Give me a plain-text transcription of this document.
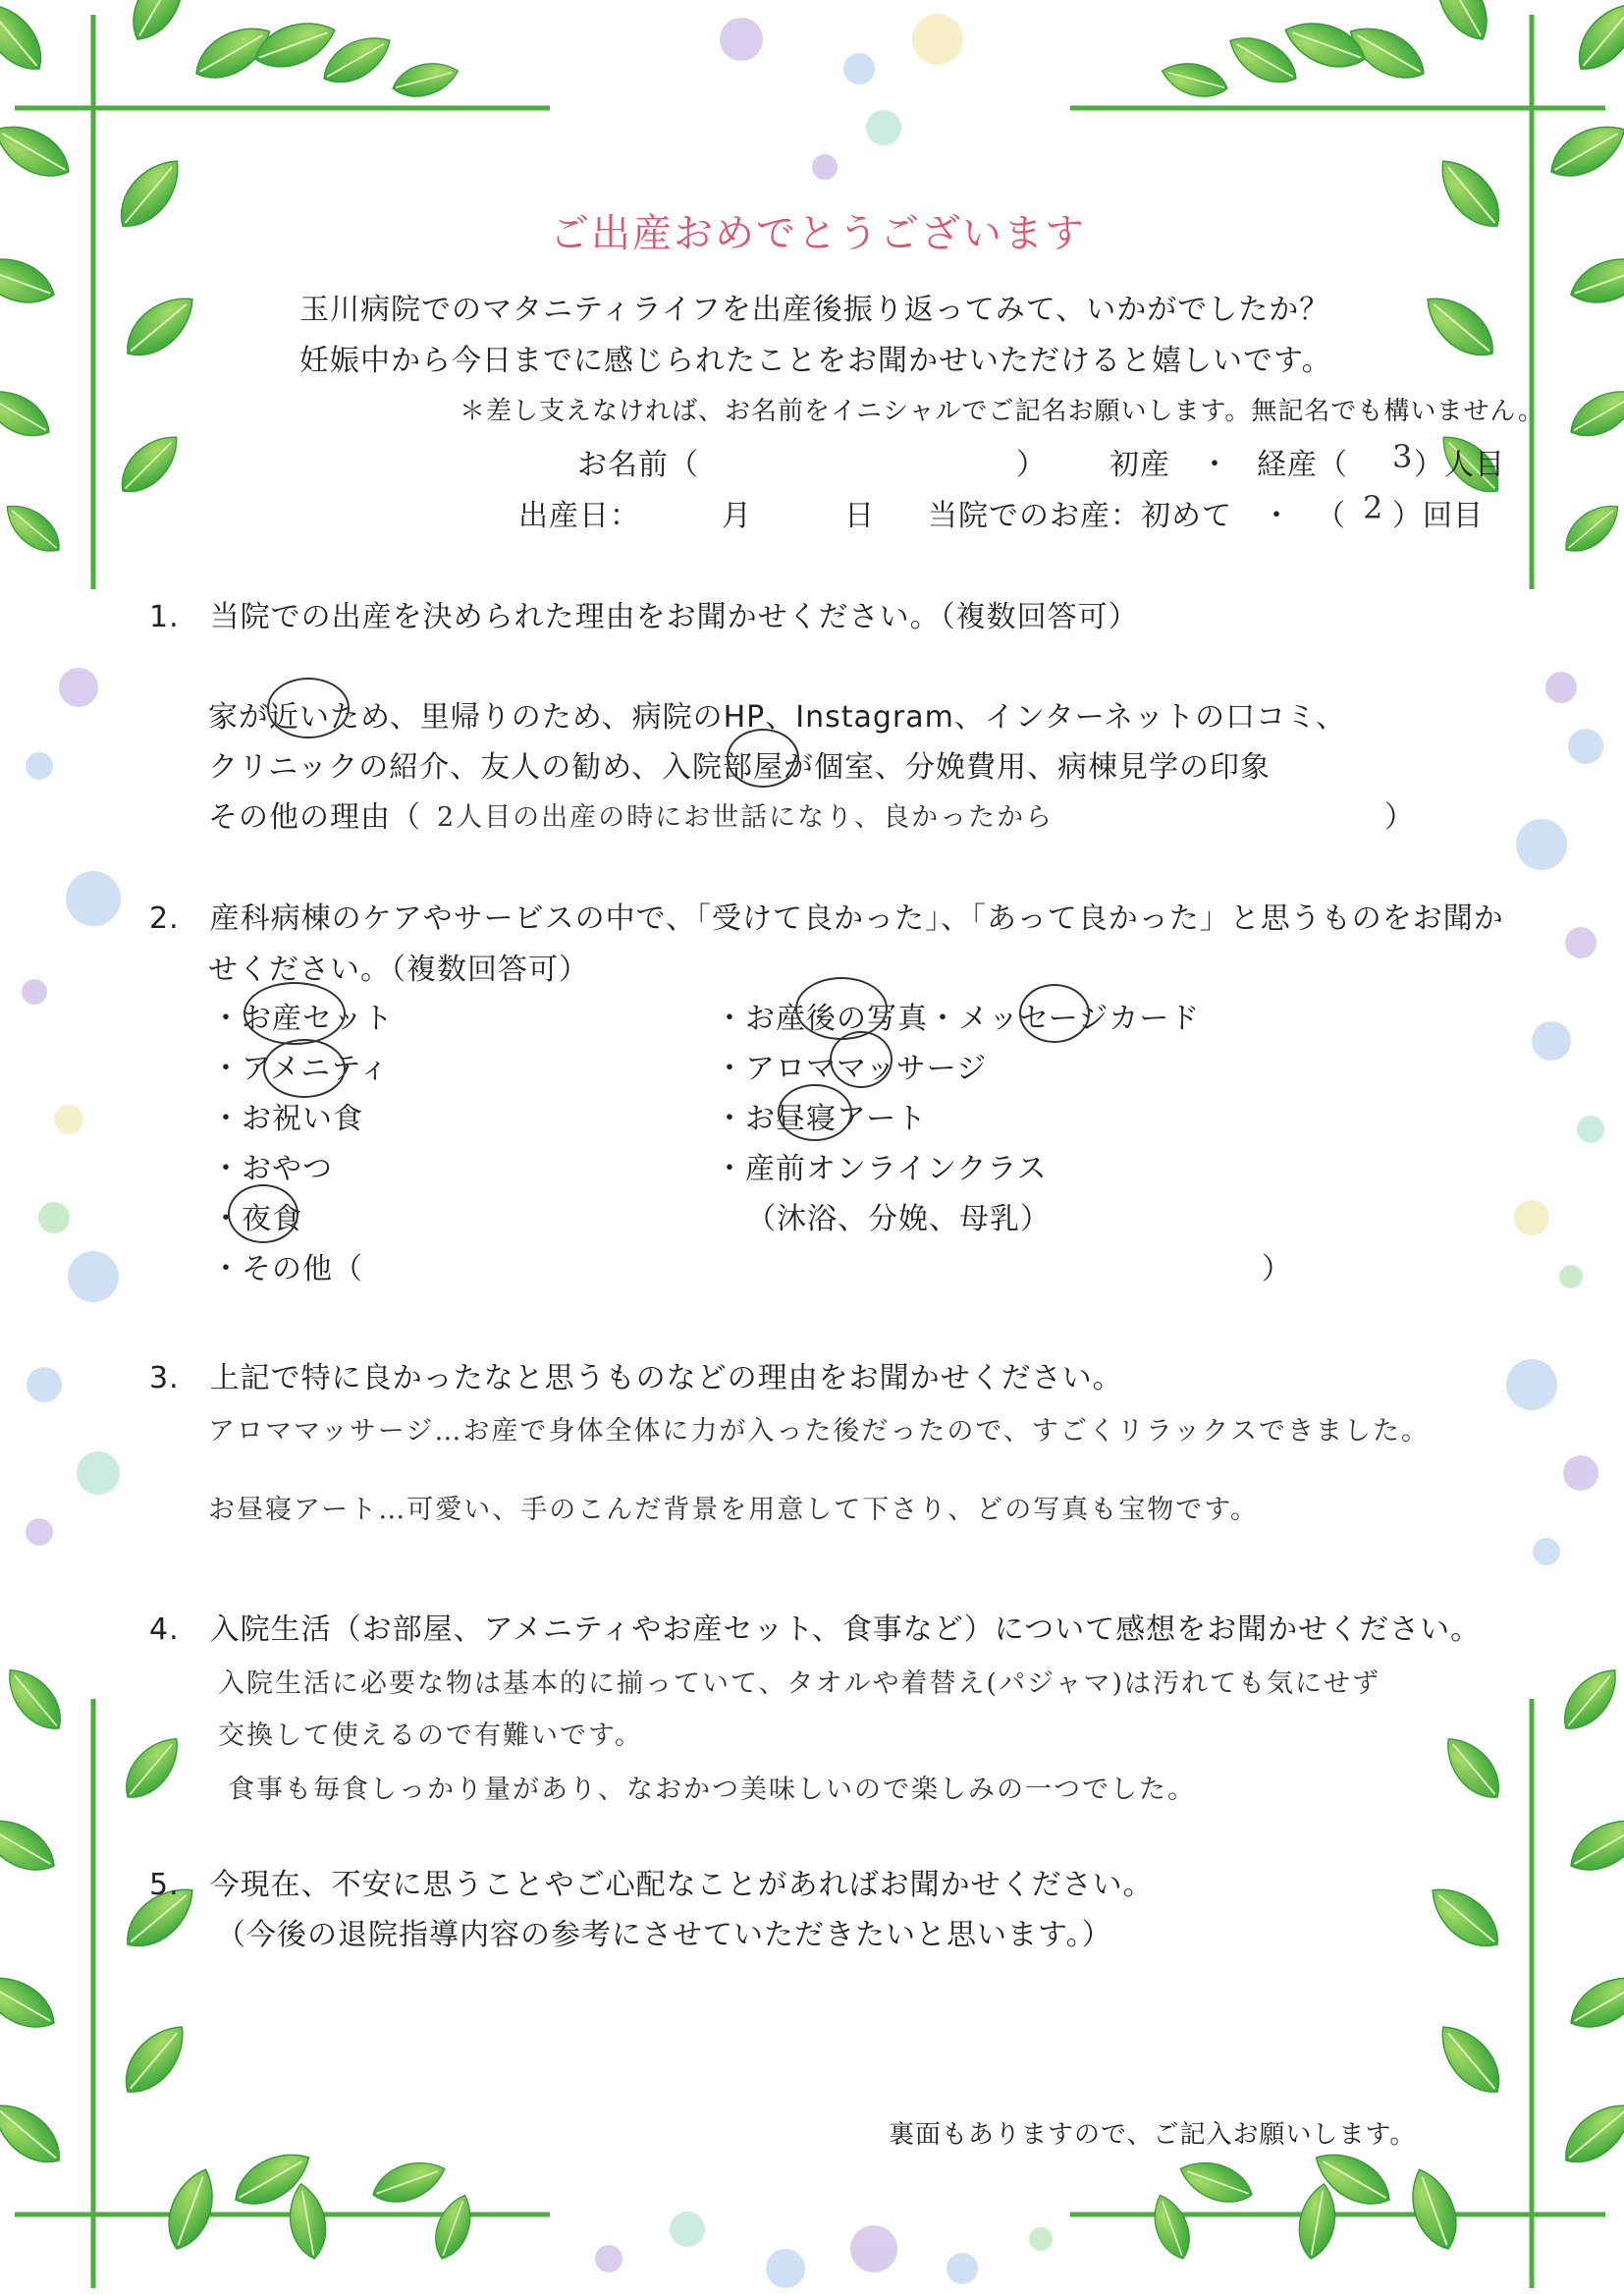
ご出産おめでとうございます
玉川病院でのマタニティライフを出産後振り返ってみて、いかがでしたか？
妊娠中から今日までに感じられたことをお聞かせいただけると嬉しいです。
＊差し支えなければ、お名前をイニシャルでご記名お願いします。無記名でも構いません。
お名前（	） 初産 ・ 経産（ 3 ）人目
出産日：	月	日 当院でのお産：初めて ・ （ 2 ）回目
1.　当院での出産を決められた理由をお聞かせください。（複数回答可）
家が近いため、里帰りのため、病院のHP、Instagram、インターネットの口コミ、
クリニックの紹介、友人の勧め、入院部屋が個室、分娩費用、病棟見学の印象
その他の理由（ 2人目の出産の時にお世話になり、良かったから	）
2.　産科病棟のケアやサービスの中で、「受けて良かった」、「あって良かった」と思うものをお聞か
せください。（複数回答可）
・お産セット
・アメニティ
・お祝い食
・おやつ
・夜食
・その他（	）
・お産後の写真・メッセージカード
・アロママッサージ
・お昼寝アート
・産前オンラインクラス
（沐浴、分娩、母乳）
3.　上記で特に良かったなと思うものなどの理由をお聞かせください。
アロママッサージ…お産で身体全体に力が入った後だったので、すごくリラックスできました。
お昼寝アート…可愛い、手のこんだ背景を用意して下さり、どの写真も宝物です。
4.　入院生活（お部屋、アメニティやお産セット、食事など）について感想をお聞かせください。
入院生活に必要な物は基本的に揃っていて、タオルや着替え(パジャマ)は汚れても気にせず
交換して使えるので有難いです。
食事も毎食しっかり量があり、なおかつ美味しいので楽しみの一つでした。
5.　今現在、不安に思うことやご心配なことがあればお聞かせください。
（今後の退院指導内容の参考にさせていただきたいと思います。）
裏面もありますので、ご記入お願いします。
